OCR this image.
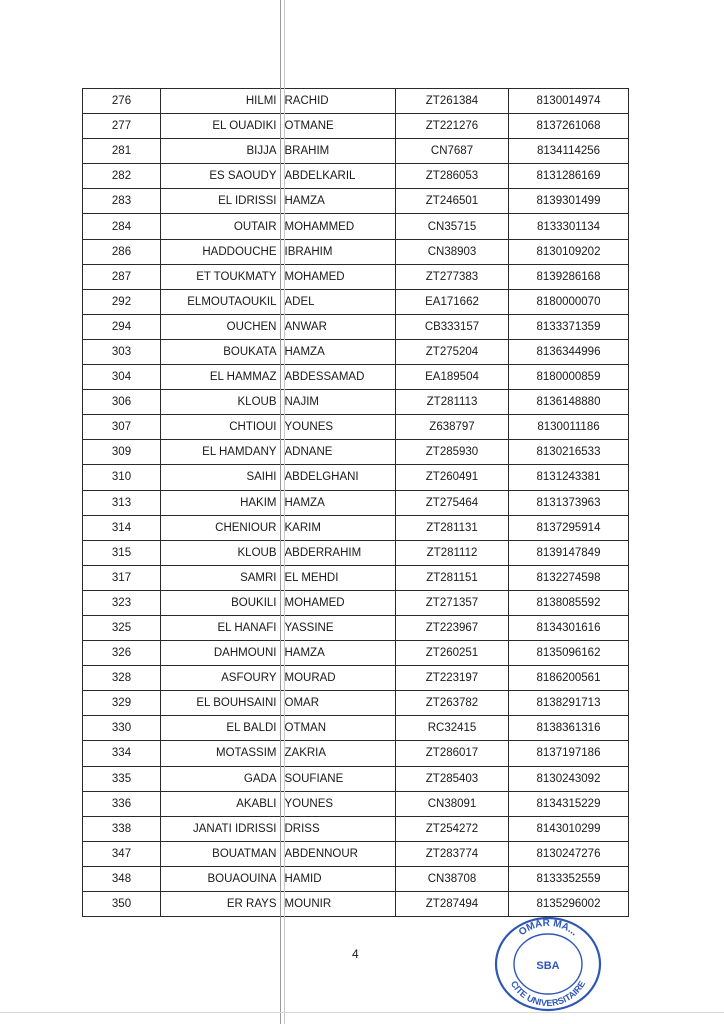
276	HILMI	RACHID	ZT261384	8130014974
277	EL OUADIKI	OTMANE	ZT221276	8137261068
281	BIJJA	BRAHIM	CN7687	8134114256
282	ES SAOUDY	ABDELKARIL	ZT286053	8131286169
283	EL IDRISSI	HAMZA	ZT246501	8139301499
284	OUTAIR	MOHAMMED	CN35715	8133301134
286	HADDOUCHE	IBRAHIM	CN38903	8130109202
287	ET TOUKMATY	MOHAMED	ZT277383	8139286168
292	ELMOUTAOUKIL	ADEL	EA171662	8180000070
294	OUCHEN	ANWAR	CB333157	8133371359
303	BOUKATA	HAMZA	ZT275204	8136344996
304	EL HAMMAZ	ABDESSAMAD	EA189504	8180000859
306	KLOUB	NAJIM	ZT281113	8136148880
307	CHTIOUI	YOUNES	Z638797	8130011186
309	EL HAMDANY	ADNANE	ZT285930	8130216533
310	SAIHI	ABDELGHANI	ZT260491	8131243381
313	HAKIM	HAMZA	ZT275464	8131373963
314	CHENIOUR	KARIM	ZT281131	8137295914
315	KLOUB	ABDERRAHIM	ZT281112	8139147849
317	SAMRI	EL MEHDI	ZT281151	8132274598
323	BOUKILI	MOHAMED	ZT271357	8138085592
325	EL HANAFI	YASSINE	ZT223967	8134301616
326	DAHMOUNI	HAMZA	ZT260251	8135096162
328	ASFOURY	MOURAD	ZT223197	8186200561
329	EL BOUHSAINI	OMAR	ZT263782	8138291713
330	EL BALDI	OTMAN	RC32415	8138361316
334	MOTASSIM	ZAKRIA	ZT286017	8137197186
335	GADA	SOUFIANE	ZT285403	8130243092
336	AKABLI	YOUNES	CN38091	8134315229
338	JANATI IDRISSI	DRISS	ZT254272	8143010299
347	BOUATMAN	ABDENNOUR	ZT283774	8130247276
348	BOUAOUINA	HAMID	CN38708	8133352559
350	ER RAYS	MOUNIR	ZT287494	8135296002
4
OMAR MA...
CITE UNIVERSITAIRE
SBA
